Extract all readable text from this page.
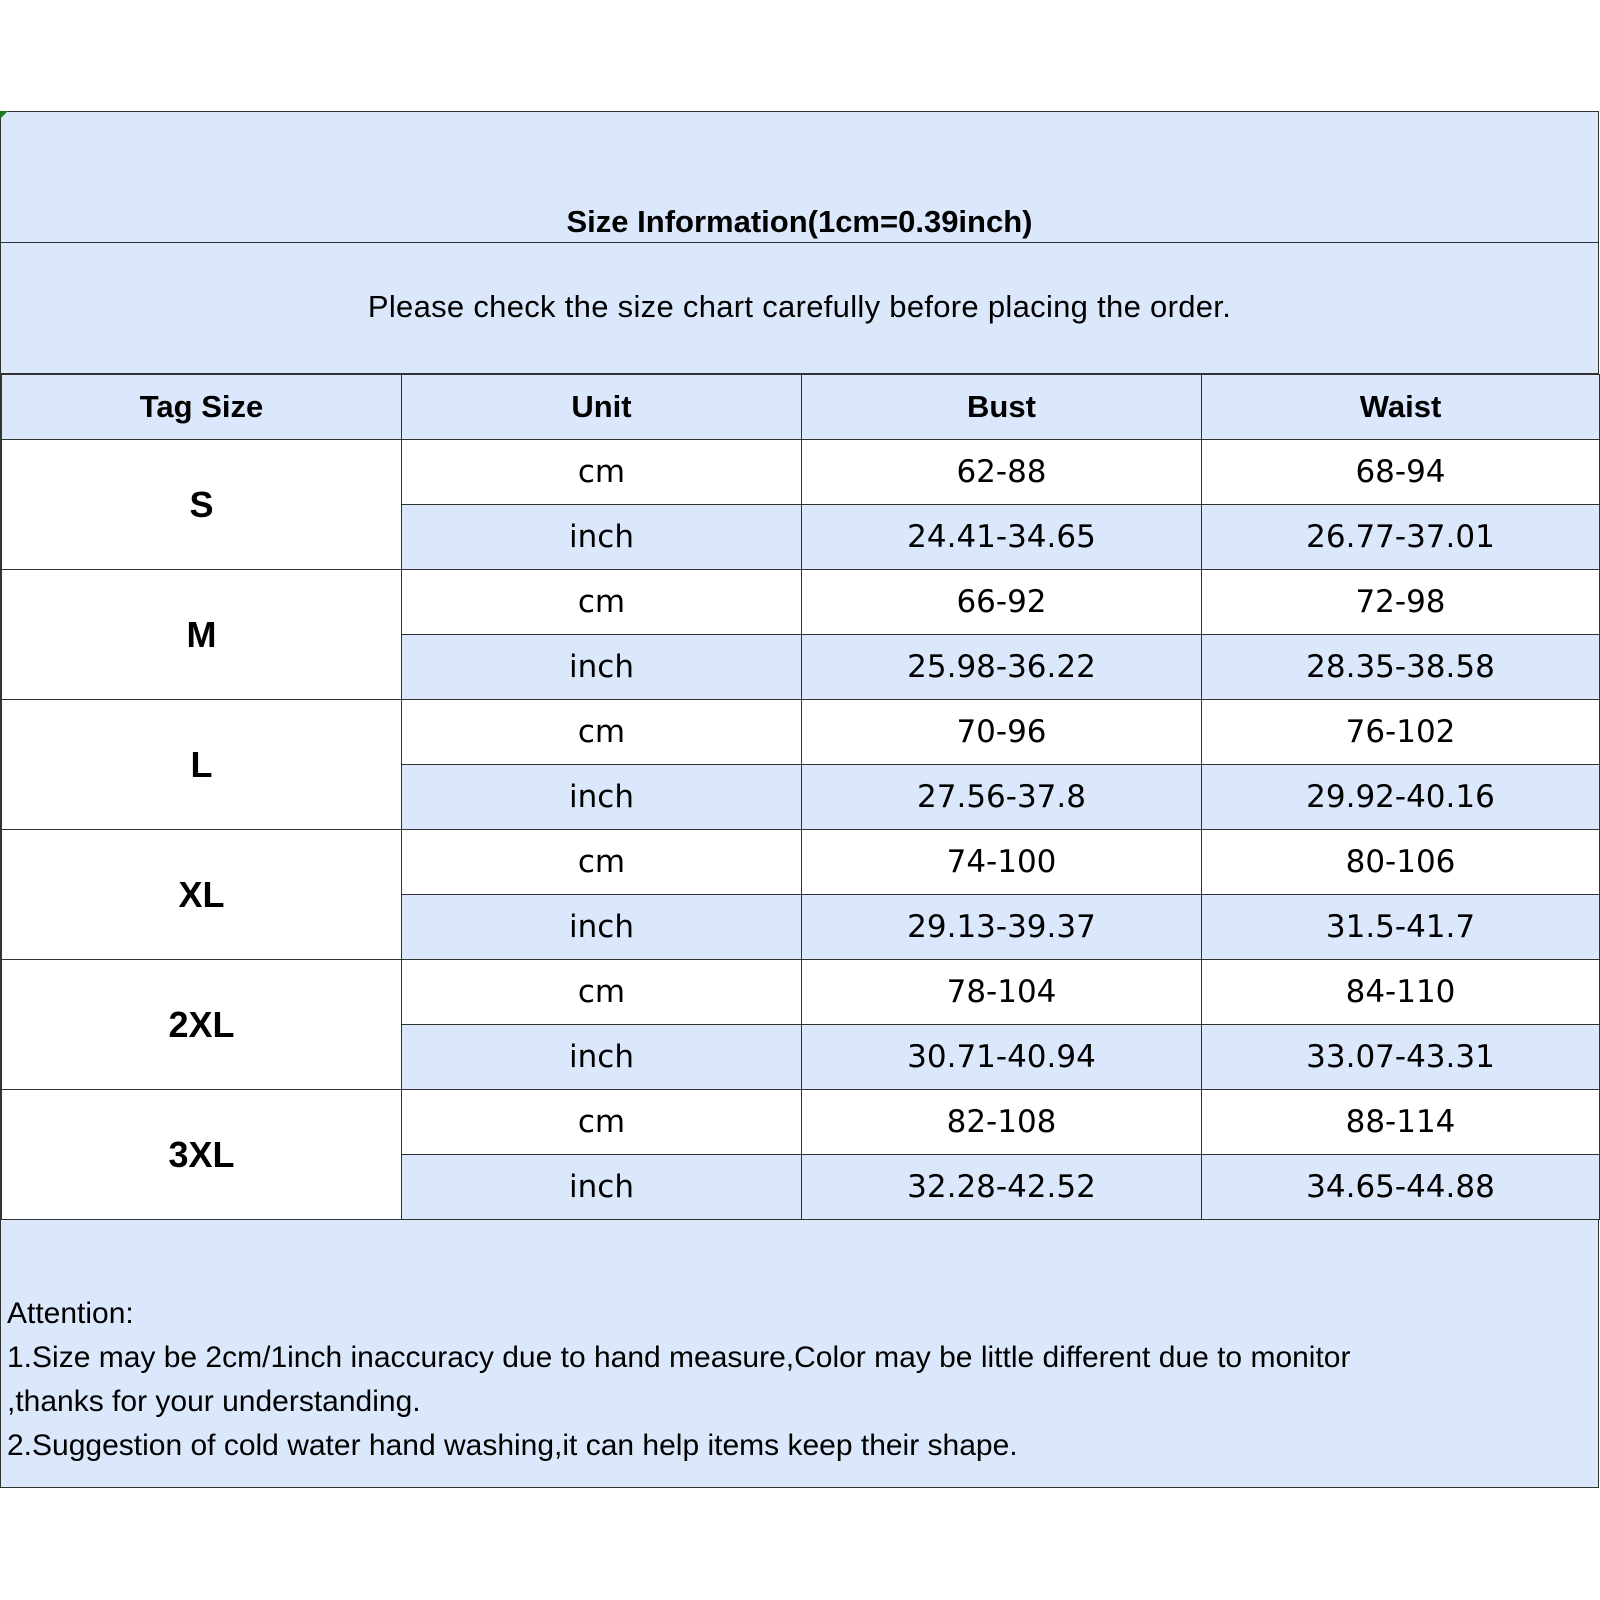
Size Information(1cm=0.39inch)
Please check the size chart carefully before placing the order.
Tag Size	Unit	Bust	Waist
S	cm	62-88	68-94
	inch	24.41-34.65	26.77-37.01
M	cm	66-92	72-98
	inch	25.98-36.22	28.35-38.58
L	cm	70-96	76-102
	inch	27.56-37.8	29.92-40.16
XL	cm	74-100	80-106
	inch	29.13-39.37	31.5-41.7
2XL	cm	78-104	84-110
	inch	30.71-40.94	33.07-43.31
3XL	cm	82-108	88-114
	inch	32.28-42.52	34.65-44.88
Attention:
1.Size may be 2cm/1inch inaccuracy due to hand measure,Color may be little different due to monitor
,thanks for your understanding.
2.Suggestion of cold water hand washing,it can help items keep their shape.
